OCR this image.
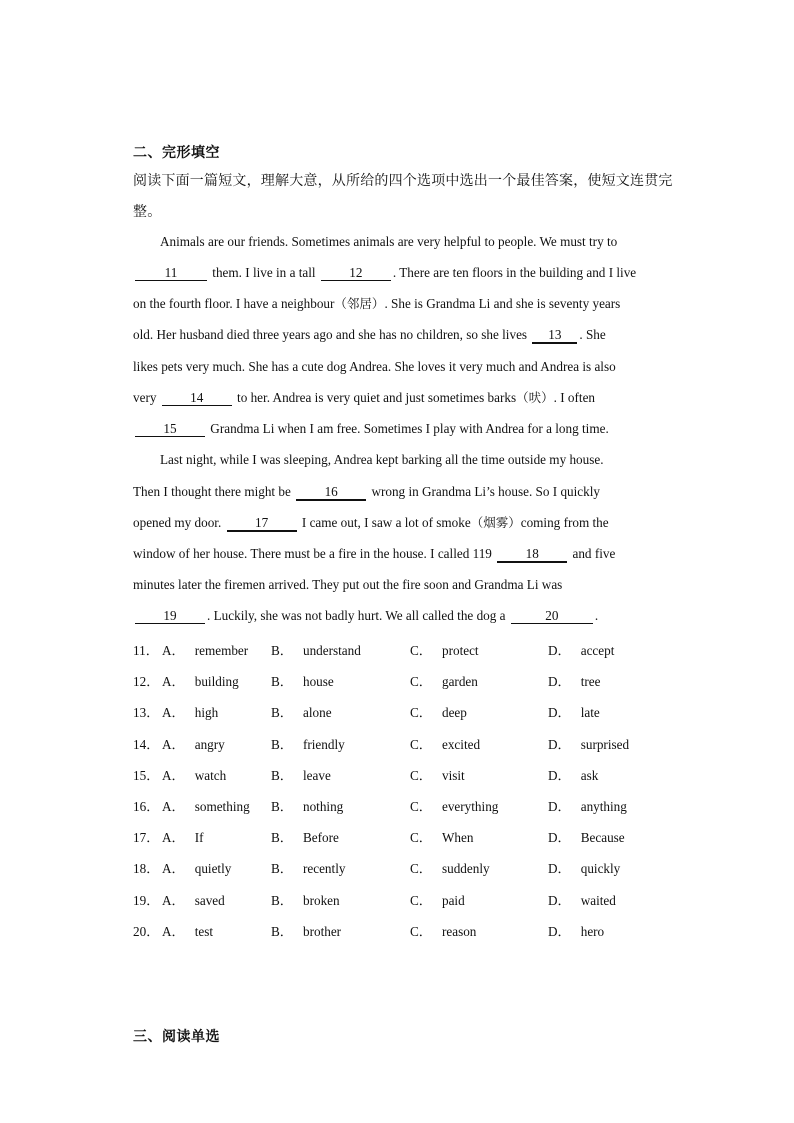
二、完形填空
阅读下面一篇短文，理解大意，从所给的四个选项中选出一个最佳答案，使短文连贯完整。
Animals are our friends. Sometimes animals are very helpful to people. We must try to
11	them. I live in a tall	12 . There are ten floors in the building and I live
on the fourth floor. I have a neighbour（邻居）. She is Grandma Li and she is seventy years
old. Her husband died three years ago and she has no children, so she lives 13 . She
likes pets very much. She has a cute dog Andrea. She loves it very much and Andrea is also
very	14	to her. Andrea is very quiet and just sometimes barks（吠）. I often
15	Grandma Li when I am free. Sometimes I play with Andrea for a long time.
Last night, while I was sleeping, Andrea kept barking all the time outside my house.
Then I thought there might be	16	wrong in Grandma Li’s house. So I quickly
opened my door.	17	I came out, I saw a lot of smoke（烟雾）coming from the
window of her house. There must be a fire in the house. I called 119	18	and five
minutes later the firemen arrived. They put out the fire soon and Grandma Li was
19 . Luckily, she was not badly hurt. We all called the dog a	20	.
11． A． remember B． understand	C． protect	D． accept
12． A． building B． house	C． garden	D． tree
13． A． high	B． alone	C． deep	D． late
14． A． angry	B． friendly	C． excited	D． surprised
15． A． watch	B． leave	C． visit	D． ask
16． A． something B． nothing	C． everything	D． anything
17． A． If	B． Before	C． When	D． Because
18． A． quietly	B． recently	C． suddenly	D． quickly
19． A． saved	B． broken	C． paid	D． waited
20． A． test	B． brother	C． reason	D． hero
三、阅读单选
